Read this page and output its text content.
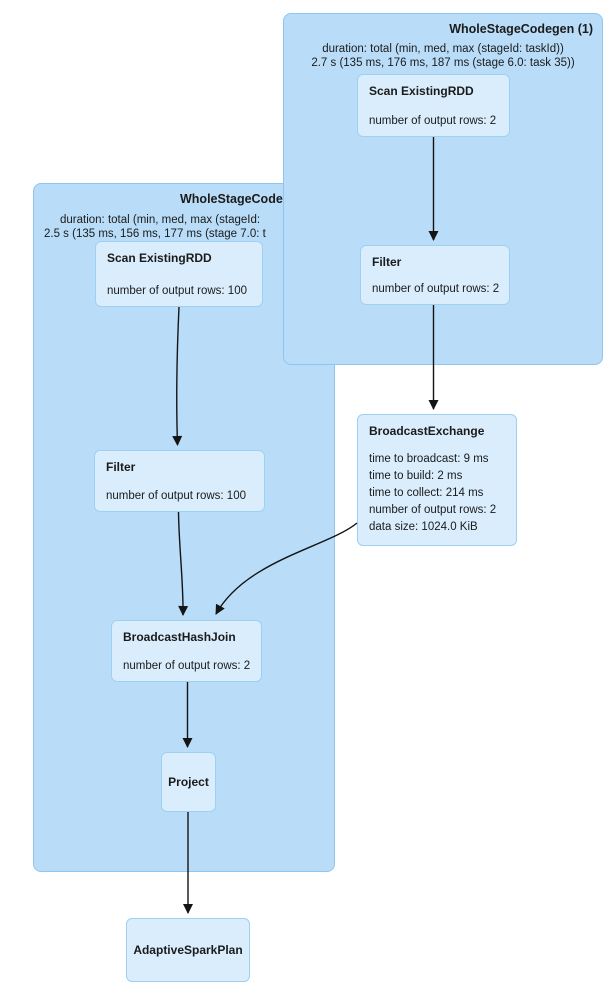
WholeStageCode
duration: total (min, med, max (stageId:
2.5 s (135 ms, 156 ms, 177 ms (stage 7.0: t
WholeStageCodegen (1)
duration: total (min, med, max (stageId: taskId))
2.7 s (135 ms, 176 ms, 187 ms (stage 6.0: task 35))
Scan ExistingRDD
number of output rows: 100
Filter
number of output rows: 100
Scan ExistingRDD
number of output rows: 2
Filter
number of output rows: 2
BroadcastExchange
time to broadcast: 9 ms
time to build: 2 ms
time to collect: 214 ms
number of output rows: 2
data size: 1024.0 KiB
BroadcastHashJoin
number of output rows: 2
Project
AdaptiveSparkPlan
